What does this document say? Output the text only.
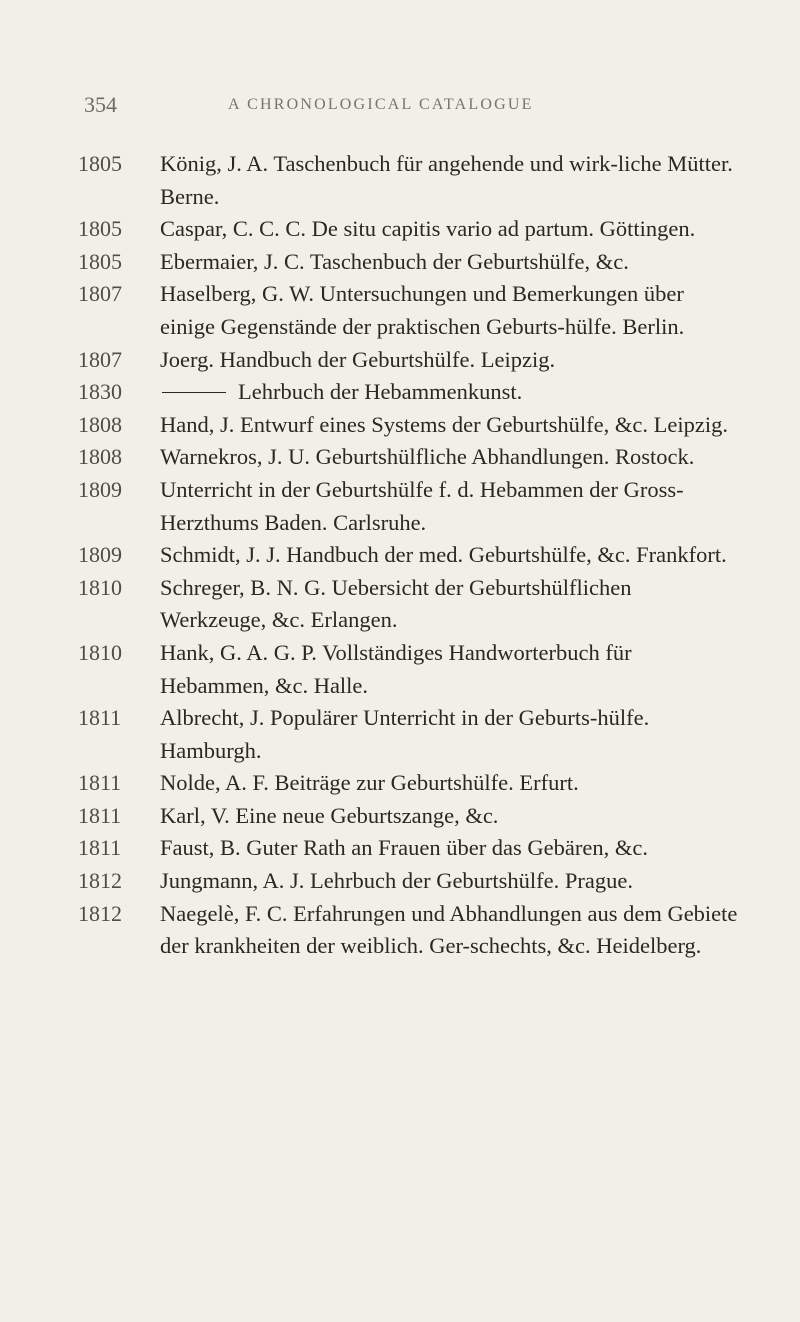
354	A CHRONOLOGICAL CATALOGUE
1805	König, J. A. Taschenbuch für angehende und wirk-liche Mütter. Berne.
1805	Caspar, C. C. C. De situ capitis vario ad partum. Göttingen.
1805	Ebermaier, J. C. Taschenbuch der Geburtshülfe, &c.
1807	Haselberg, G. W. Untersuchungen und Bemerkungen über einige Gegenstände der praktischen Geburts-hülfe. Berlin.
1807	Joerg. Handbuch der Geburtshülfe. Leipzig.
1830	Lehrbuch der Hebammenkunst.
1808	Hand, J. Entwurf eines Systems der Geburtshülfe, &c. Leipzig.
1808	Warnekros, J. U. Geburtshülfliche Abhandlungen. Rostock.
1809	Unterricht in der Geburtshülfe f. d. Hebammen der Gross-Herzthums Baden. Carlsruhe.
1809	Schmidt, J. J. Handbuch der med. Geburtshülfe, &c. Frankfort.
1810	Schreger, B. N. G. Uebersicht der Geburtshülflichen Werkzeuge, &c. Erlangen.
1810	Hank, G. A. G. P. Vollständiges Handworterbuch für Hebammen, &c. Halle.
1811	Albrecht, J. Populärer Unterricht in der Geburts-hülfe. Hamburgh.
1811	Nolde, A. F. Beiträge zur Geburtshülfe. Erfurt.
1811	Karl, V. Eine neue Geburtszange, &c.
1811	Faust, B. Guter Rath an Frauen über das Gebären, &c.
1812	Jungmann, A. J. Lehrbuch der Geburtshülfe. Prague.
1812	Naegelè, F. C. Erfahrungen und Abhandlungen aus dem Gebiete der krankheiten der weiblich. Ger-schechts, &c. Heidelberg.
